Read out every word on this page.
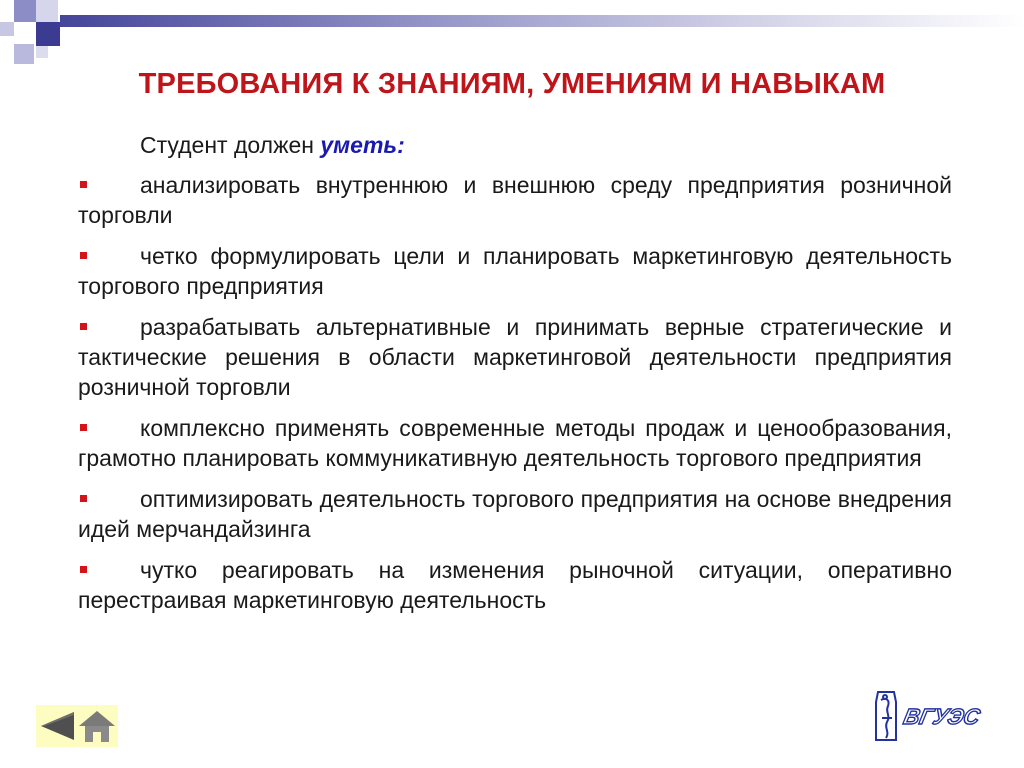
ТРЕБОВАНИЯ К ЗНАНИЯМ, УМЕНИЯМ И НАВЫКАМ

Студент должен уметь:

анализировать внутреннюю и внешнюю среду предприятия розничной торговли

четко формулировать цели и планировать маркетинговую деятельность торгового предприятия

разрабатывать альтернативные и принимать верные стратегические и тактические решения в области маркетинговой деятельности предприятия розничной торговли

комплексно применять современные методы продаж и ценообразования, грамотно планировать коммуникативную деятельность торгового предприятия

оптимизировать деятельность торгового предприятия на основе внедрения идей мерчандайзинга

чутко реагировать на изменения рыночной ситуации, оперативно перестраивая маркетинговую деятельность

ВГУЭС
